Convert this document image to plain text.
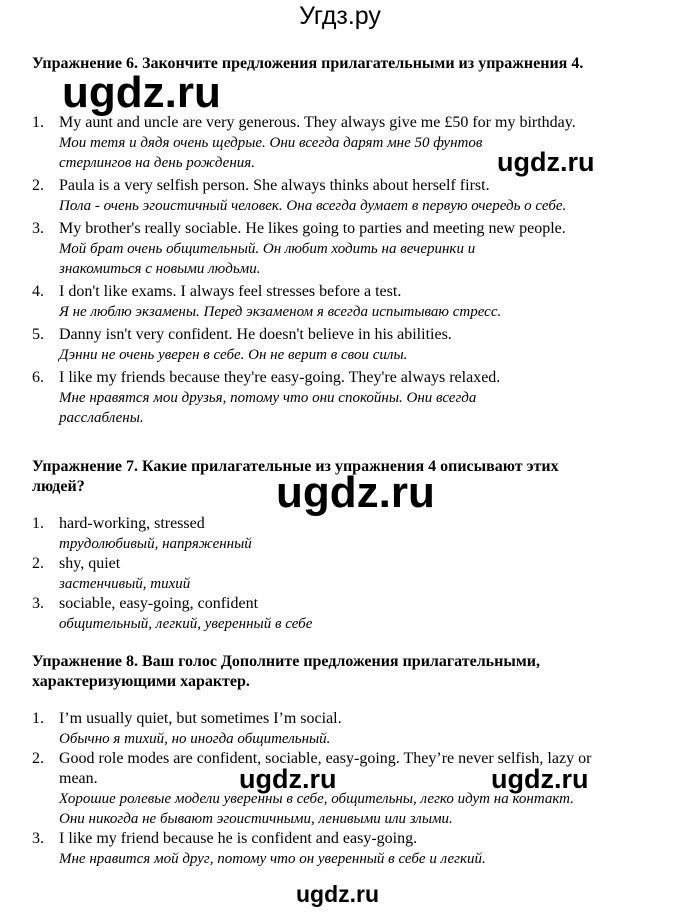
Угдз.ру
Упражнение 6. Закончите предложения прилагательными из упражнения 4.
1. My aunt and uncle are very generous. They always give me £50 for my birthday.
Мои тетя и дядя очень щедрые. Они всегда дарят мне 50 фунтов стерлингов на день рождения.
2. Paula is a very selfish person. She always thinks about herself first.
Пола - очень эгоистичный человек. Она всегда думает в первую очередь о себе.
3. My brother's really sociable. He likes going to parties and meeting new people.
Мой брат очень общительный. Он любит ходить на вечеринки и знакомиться с новыми людьми.
4. I don't like exams. I always feel stresses before a test.
Я не люблю экзамены. Перед экзаменом я всегда испытываю стресс.
5. Danny isn't very confident. He doesn't believe in his abilities.
Дэнни не очень уверен в себе. Он не верит в свои силы.
6. I like my friends because they're easy-going. They're always relaxed.
Мне нравятся мои друзья, потому что они спокойны. Они всегда расслаблены.
Упражнение 7. Какие прилагательные из упражнения 4 описывают этих людей?
1. hard-working, stressed
трудолюбивый, напряженный
2. shy, quiet
застенчивый, тихий
3. sociable, easy-going, confident
общительный, легкий, уверенный в себе
Упражнение 8. Ваш голос Дополните предложения прилагательными, характеризующими характер.
1. I’m usually quiet, but sometimes I’m social.
Обычно я тихий, но иногда общительный.
2. Good role modes are confident, sociable, easy-going. They’re never selfish, lazy or mean.
Хорошие ролевые модели уверенны в себе, общительны, легко идут на контакт. Они никогда не бывают эгоистичными, ленивыми или злыми.
3. I like my friend because he is confident and easy-going.
Мне нравится мой друг, потому что он уверенный в себе и легкий.
ugdz.ru
ugdz.ru
ugdz.ru
ugdz.ru	ugdz.ru
ugdz.ru
